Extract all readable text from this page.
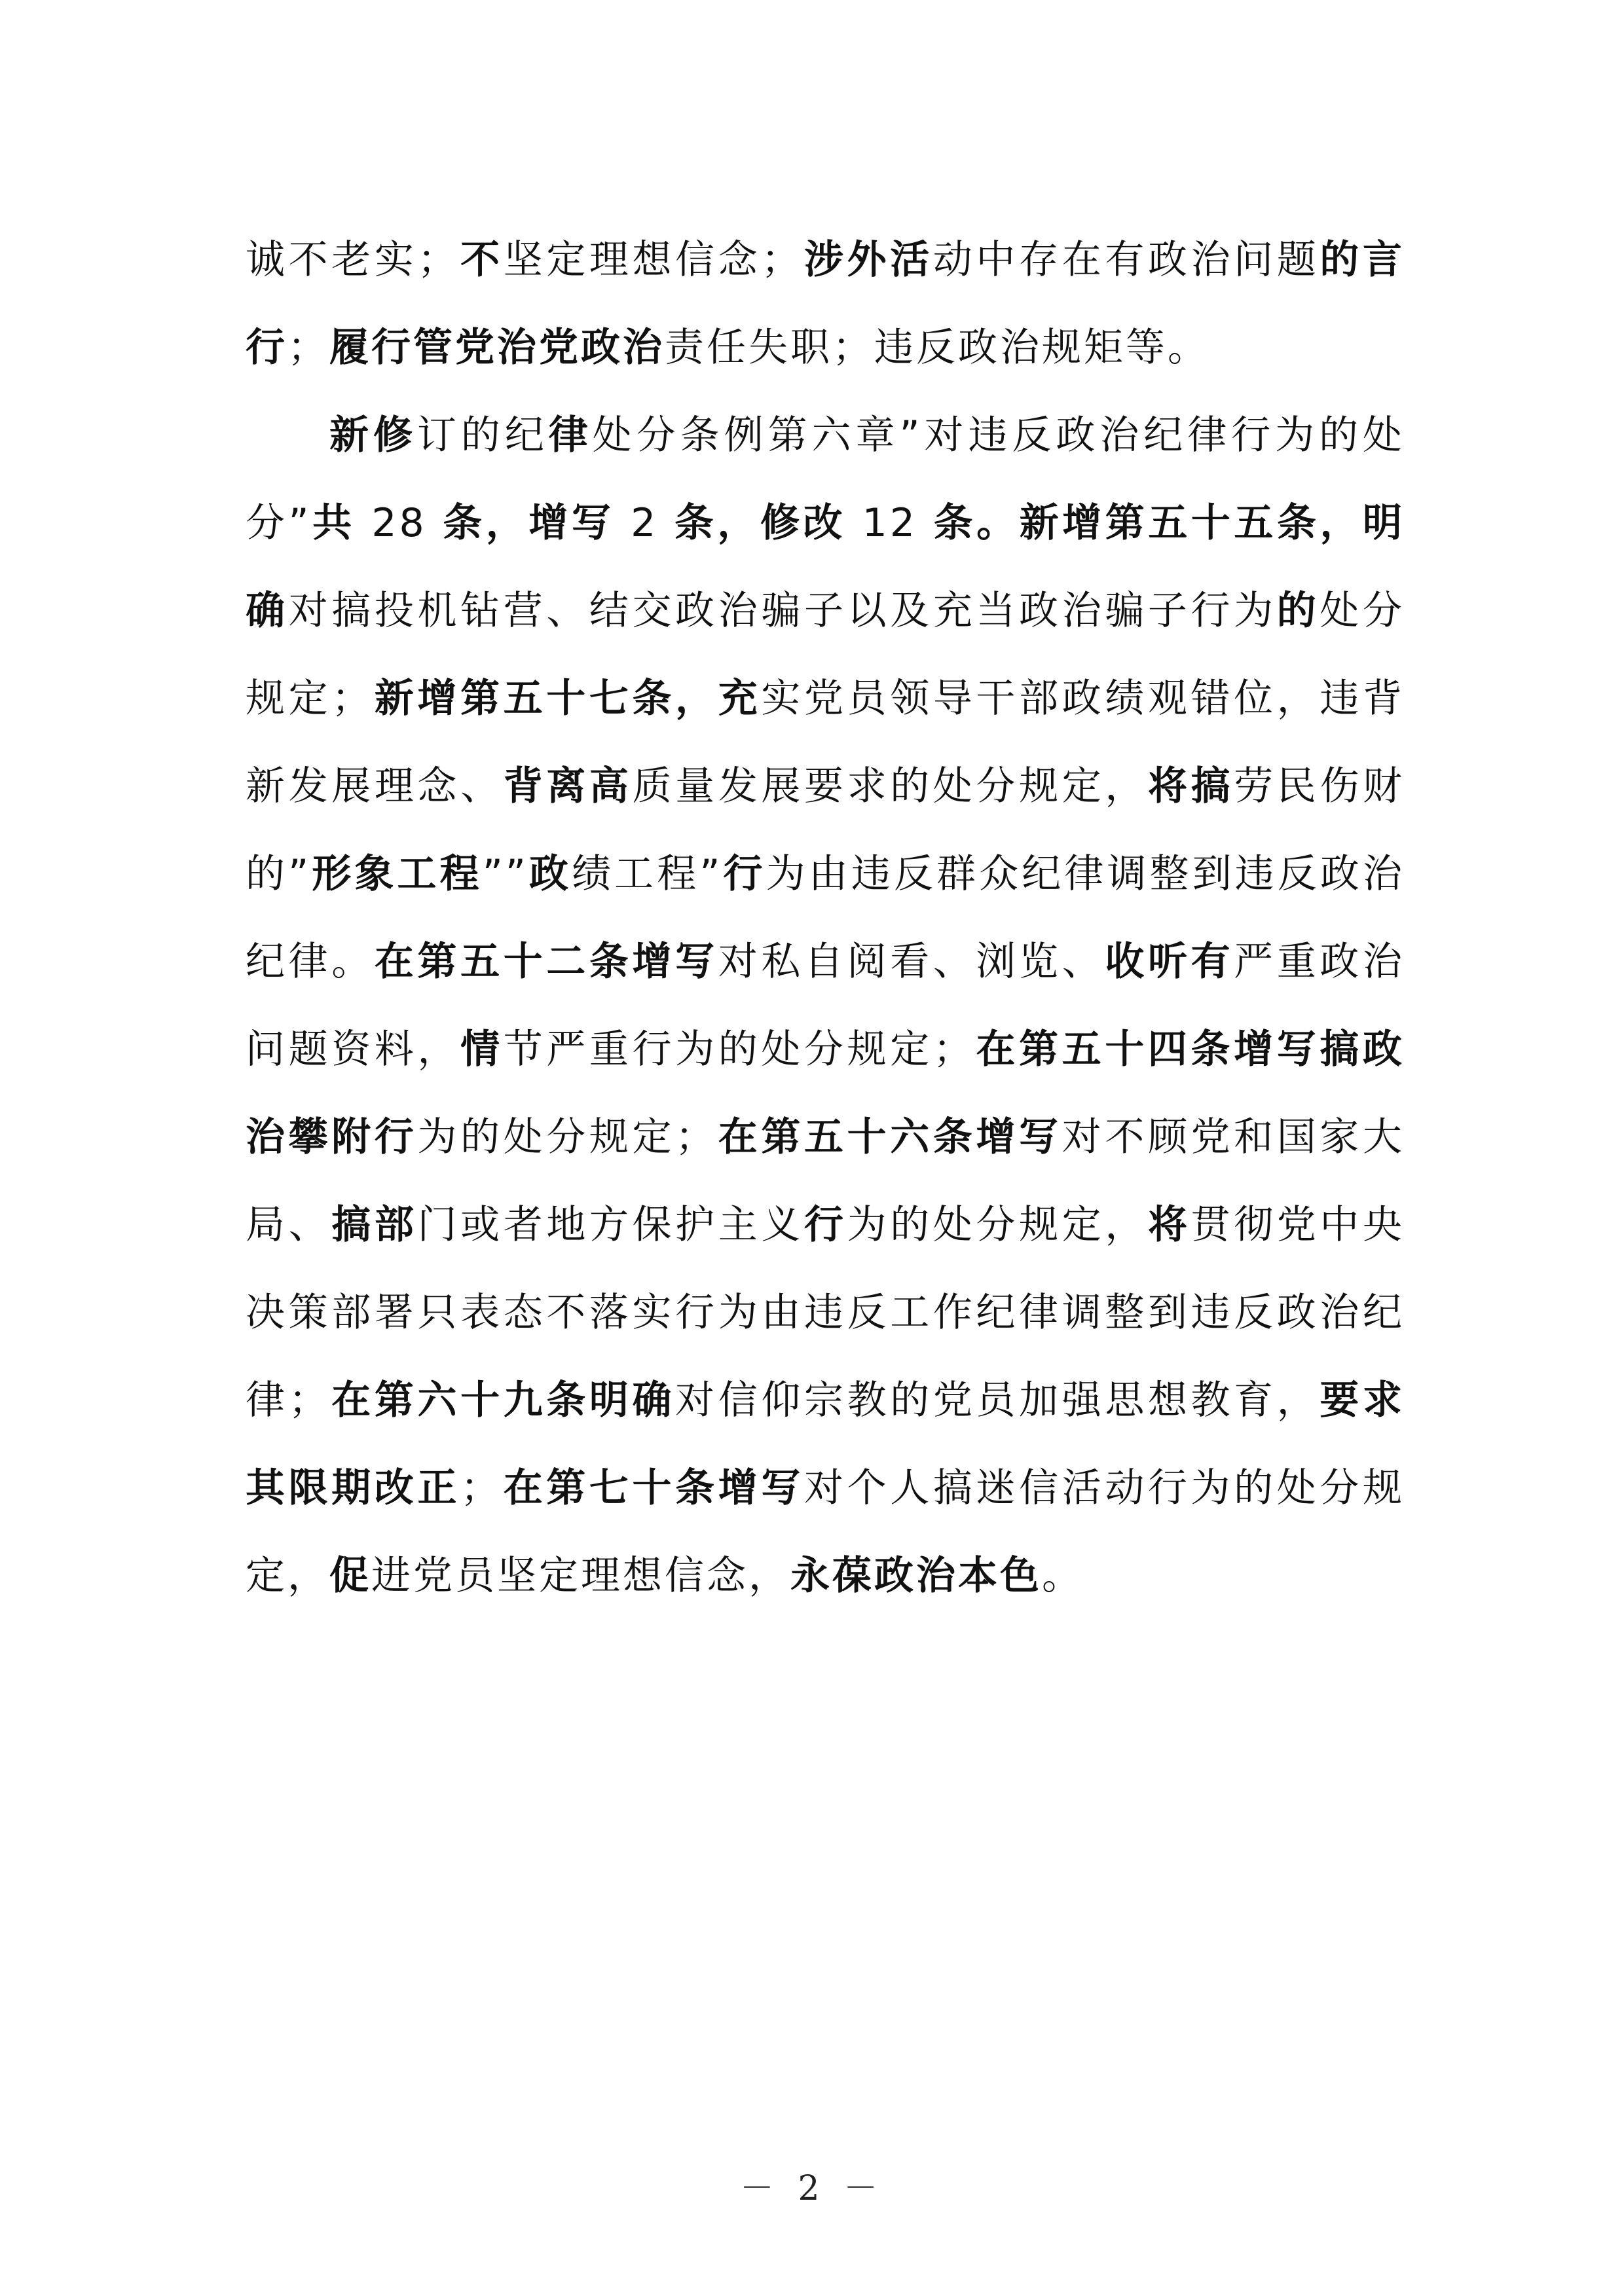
诚不老实；不坚定理想信念；涉外活动中存在有政治问题的言行；履行管党治党政治责任失职；违反政治规矩等。

新修订的纪律处分条例第六章”对违反政治纪律行为的处分”共 28 条，增写 2 条，修改 12 条。新增第五十五条，明确对搞投机钻营、结交政治骗子以及充当政治骗子行为的处分规定；新增第五十七条，充实党员领导干部政绩观错位，违背新发展理念、背离高质量发展要求的处分规定，将搞劳民伤财的”形象工程””政绩工程”行为由违反群众纪律调整到违反政治纪律。在第五十二条增写对私自阅看、浏览、收听有严重政治问题资料，情节严重行为的处分规定；在第五十四条增写搞政治攀附行为的处分规定；在第五十六条增写对不顾党和国家大局、搞部门或者地方保护主义行为的处分规定，将贯彻党中央决策部署只表态不落实行为由违反工作纪律调整到违反政治纪律；在第六十九条明确对信仰宗教的党员加强思想教育，要求其限期改正；在第七十条增写对个人搞迷信活动行为的处分规定，促进党员坚定理想信念，永葆政治本色。

－ 2 －
